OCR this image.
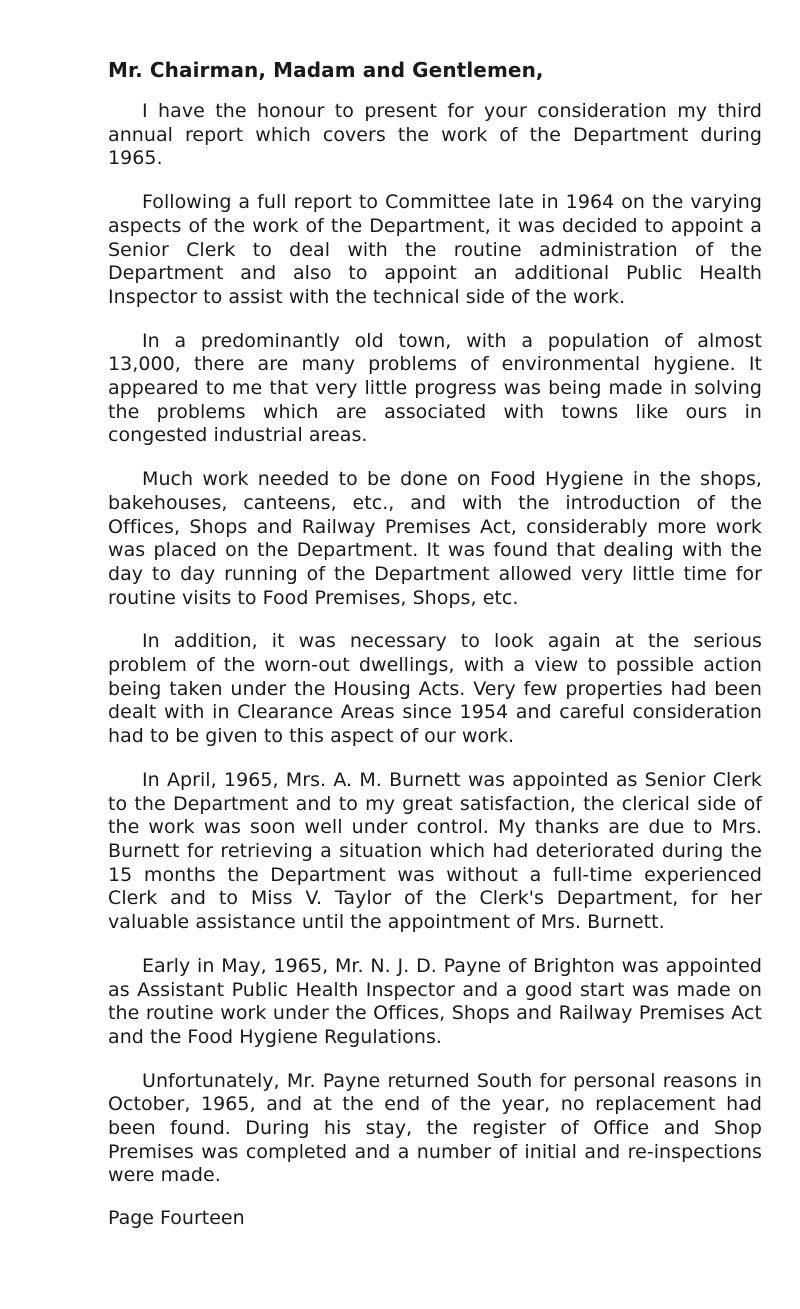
Mr. Chairman, Madam and Gentlemen,

I have the honour to present for your consideration my third annual report which covers the work of the Department during 1965.

Following a full report to Committee late in 1964 on the varying aspects of the work of the Department, it was decided to appoint a Senior Clerk to deal with the routine administration of the Department and also to appoint an additional Public Health Inspector to assist with the technical side of the work.

In a predominantly old town, with a population of almost 13,000, there are many problems of environmental hygiene. It appeared to me that very little progress was being made in solving the problems which are associated with towns like ours in congested industrial areas.

Much work needed to be done on Food Hygiene in the shops, bakehouses, canteens, etc., and with the introduction of the Offices, Shops and Railway Premises Act, considerably more work was placed on the Department. It was found that dealing with the day to day running of the Department allowed very little time for routine visits to Food Premises, Shops, etc.

In addition, it was necessary to look again at the serious problem of the worn-out dwellings, with a view to possible action being taken under the Housing Acts. Very few properties had been dealt with in Clearance Areas since 1954 and careful consideration had to be given to this aspect of our work.

In April, 1965, Mrs. A. M. Burnett was appointed as Senior Clerk to the Department and to my great satisfaction, the clerical side of the work was soon well under control. My thanks are due to Mrs. Burnett for retrieving a situation which had deteriorated during the 15 months the Department was without a full-time experienced Clerk and to Miss V. Taylor of the Clerk's Department, for her valuable assistance until the appointment of Mrs. Burnett.

Early in May, 1965, Mr. N. J. D. Payne of Brighton was appointed as Assistant Public Health Inspector and a good start was made on the routine work under the Offices, Shops and Railway Premises Act and the Food Hygiene Regulations.

Unfortunately, Mr. Payne returned South for personal reasons in October, 1965, and at the end of the year, no replacement had been found. During his stay, the register of Office and Shop Premises was completed and a number of initial and re-inspections were made.

Page Fourteen
